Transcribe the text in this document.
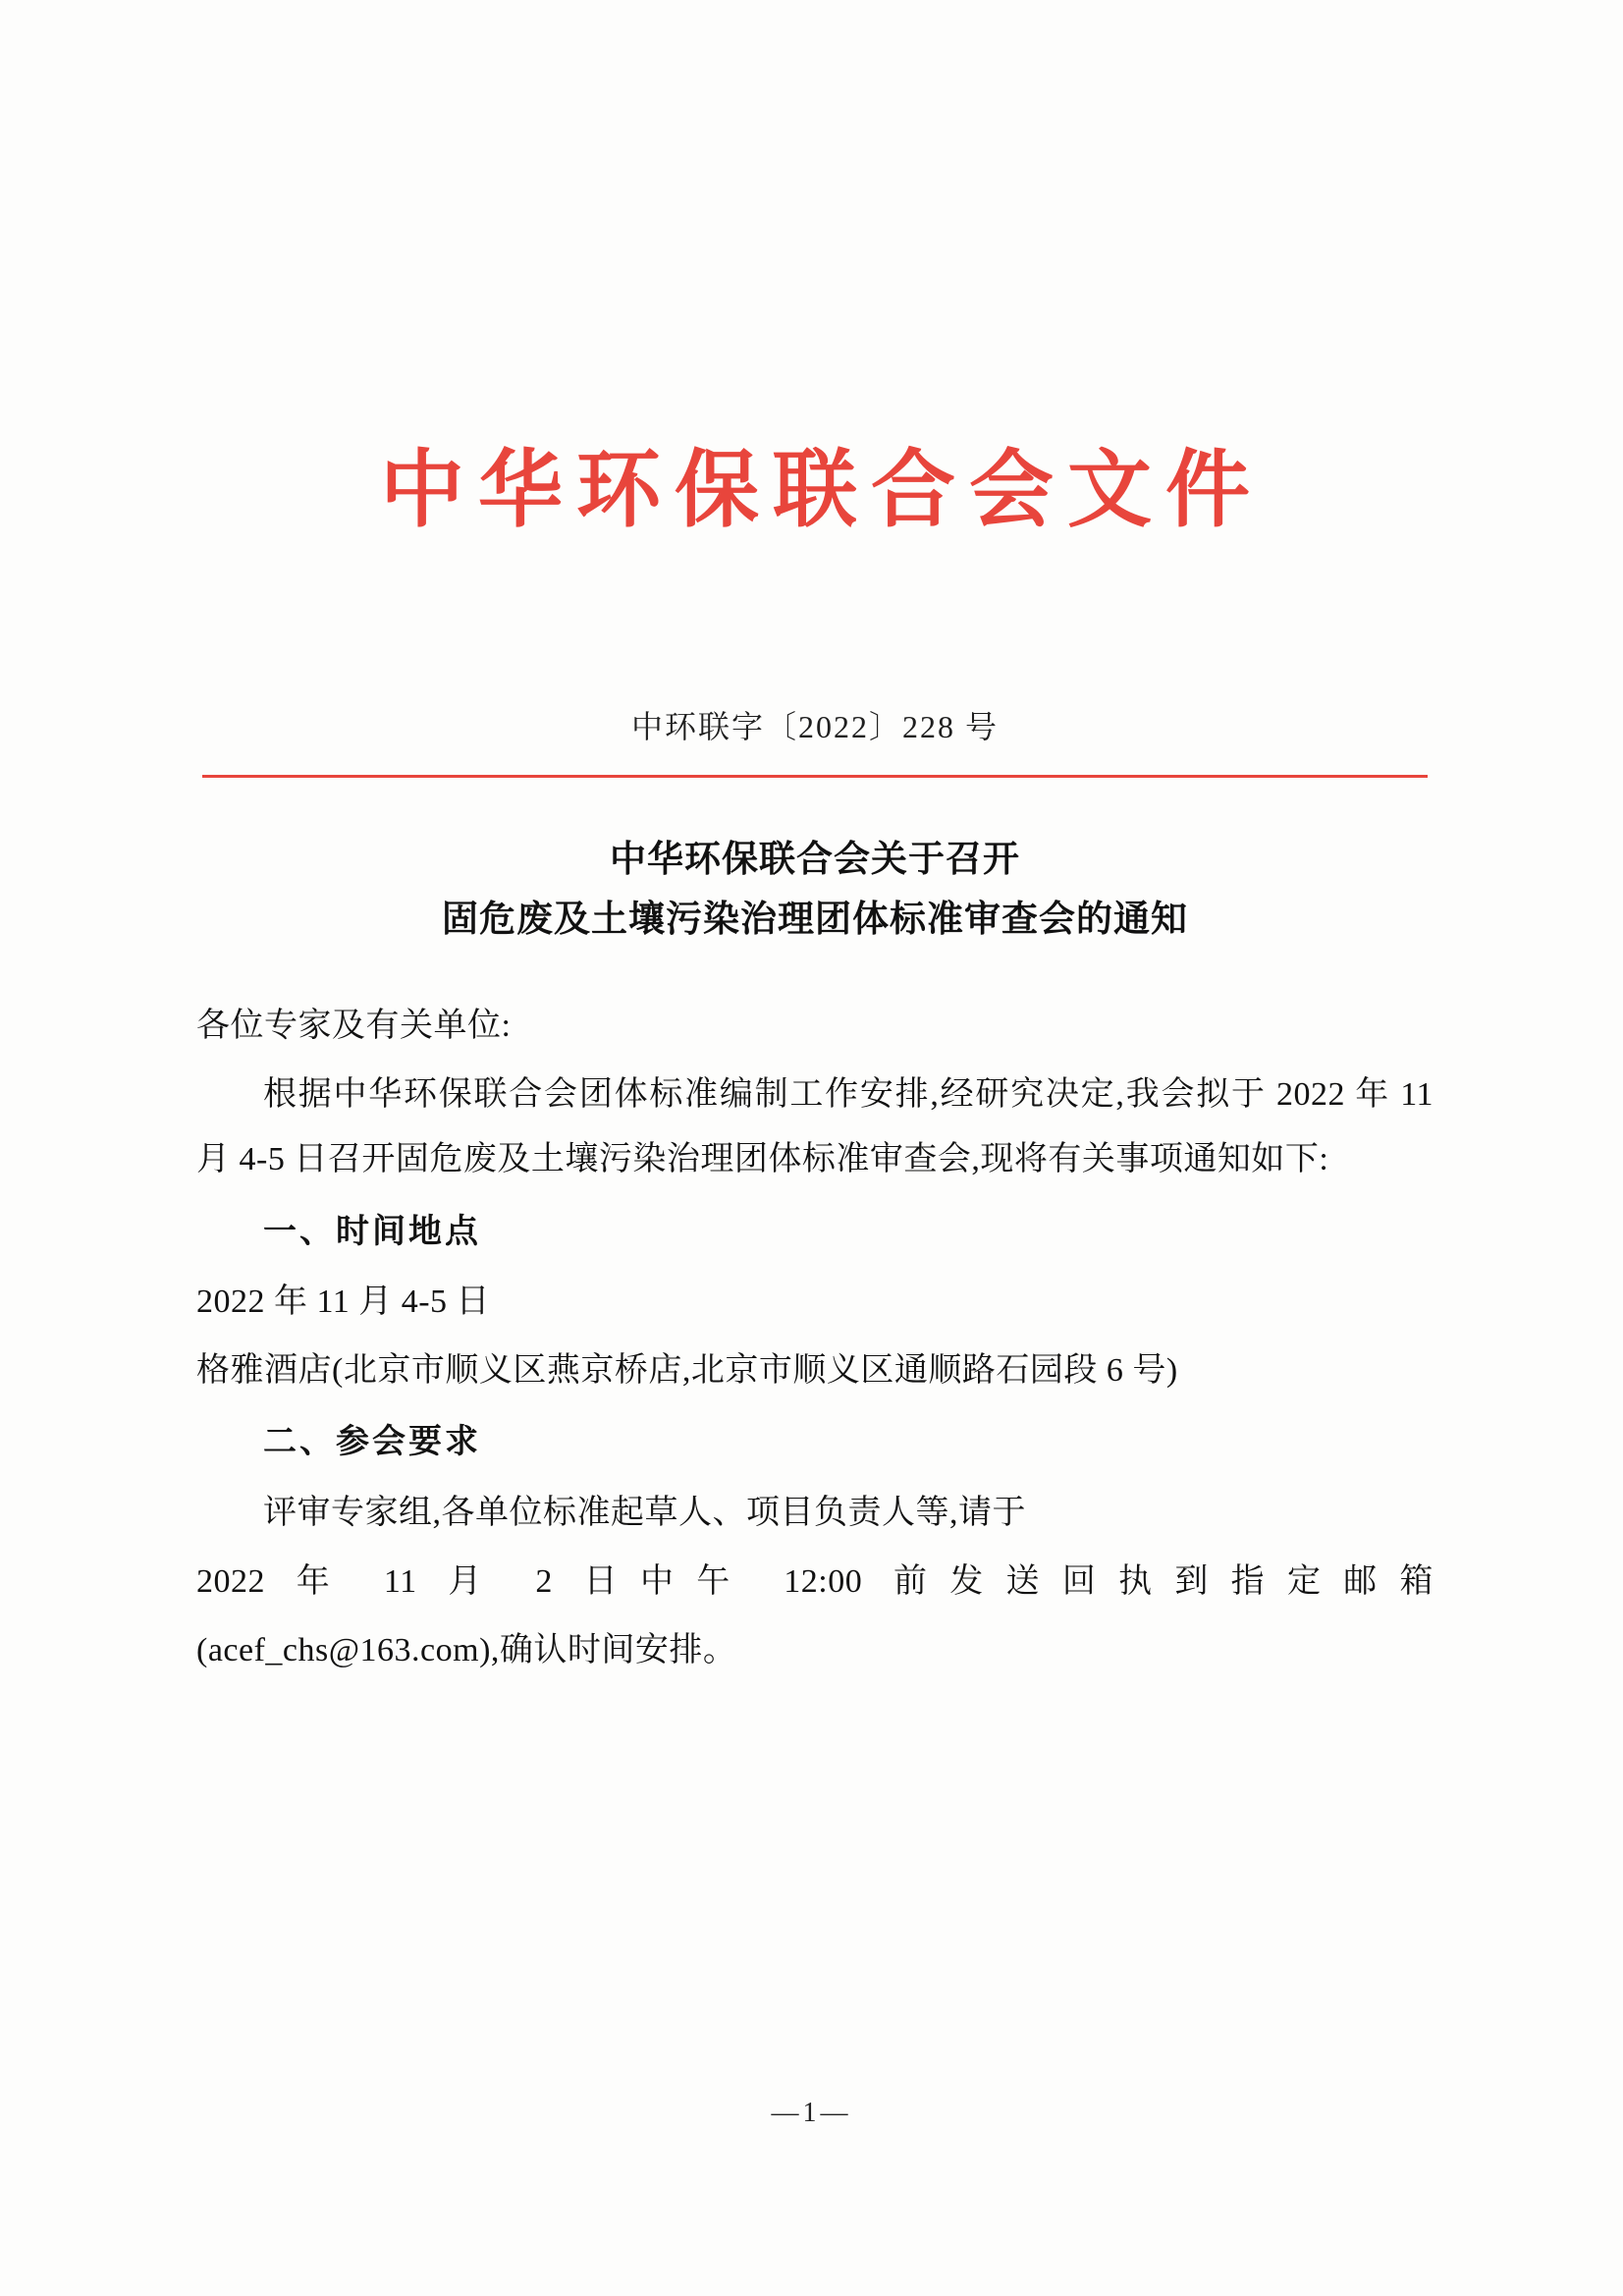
中华环保联合会文件
中环联字〔2022〕228 号
中华环保联合会关于召开
固危废及土壤污染治理团体标准审查会的通知

各位专家及有关单位:

根据中华环保联合会团体标准编制工作安排,经研究决定,我会拟于 2022 年 11 月 4-5 日召开固危废及土壤污染治理团体标准审查会,现将有关事项通知如下:

一、时间地点

2022 年 11 月 4-5 日

格雅酒店(北京市顺义区燕京桥店,北京市顺义区通顺路石园段 6 号)

二、参会要求

评审专家组,各单位标准起草人、项目负责人等,请于

2022 年 11 月 2 日中午 12:00 前发送回执到指定邮箱

(acef_chs@163.com),确认时间安排。

—1—
